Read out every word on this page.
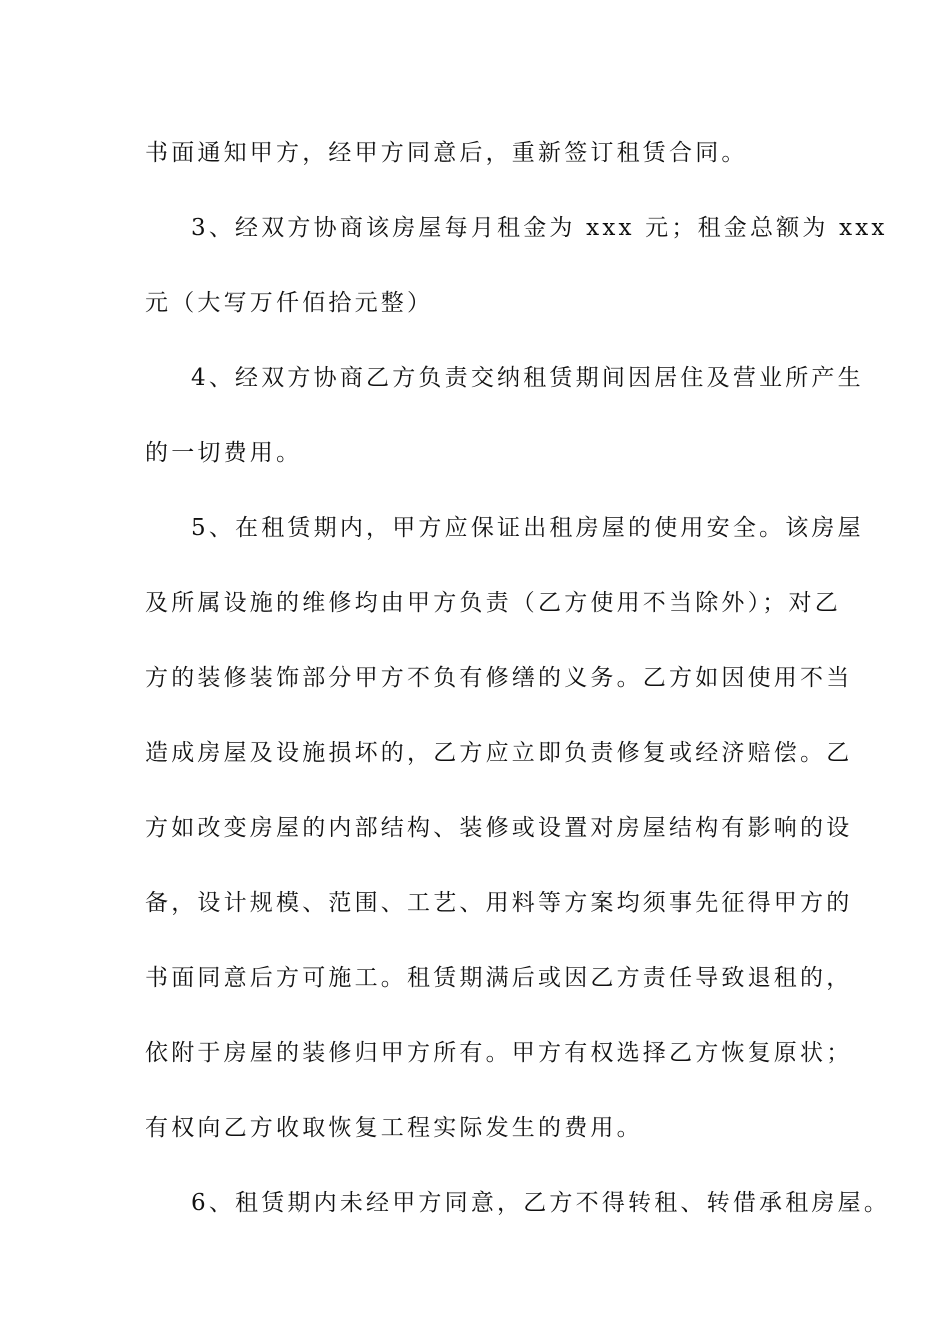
书面通知甲方，经甲方同意后，重新签订租赁合同。
3、经双方协商该房屋每月租金为 xxx 元；租金总额为 xxx
元（大写万仟佰拾元整）
4、经双方协商乙方负责交纳租赁期间因居住及营业所产生
的一切费用。
5、在租赁期内，甲方应保证出租房屋的使用安全。该房屋
及所属设施的维修均由甲方负责（乙方使用不当除外）；对乙
方的装修装饰部分甲方不负有修缮的义务。乙方如因使用不当
造成房屋及设施损坏的，乙方应立即负责修复或经济赔偿。乙
方如改变房屋的内部结构、装修或设置对房屋结构有影响的设
备，设计规模、范围、工艺、用料等方案均须事先征得甲方的
书面同意后方可施工。租赁期满后或因乙方责任导致退租的，
依附于房屋的装修归甲方所有。甲方有权选择乙方恢复原状；
有权向乙方收取恢复工程实际发生的费用。
6、租赁期内未经甲方同意，乙方不得转租、转借承租房屋。
